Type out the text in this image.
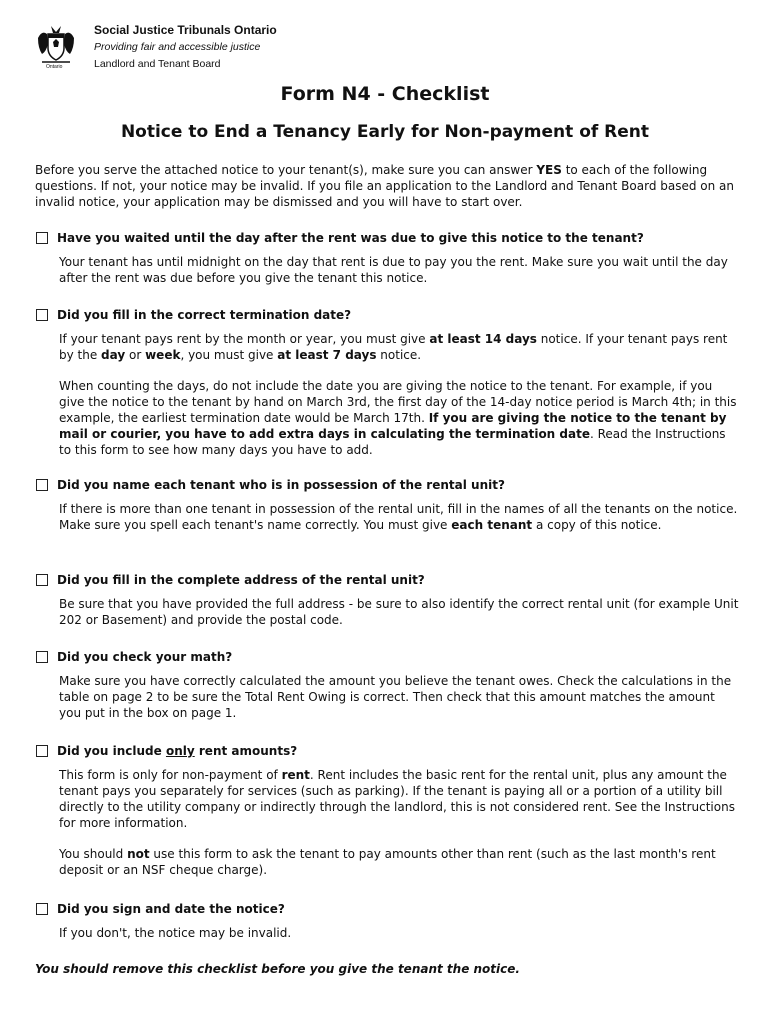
Social Justice Tribunals Ontario
Providing fair and accessible justice
Landlord and Tenant Board
Ontario
Form N4 - Checklist
Notice to End a Tenancy Early for Non-payment of Rent
Before you serve the attached notice to your tenant(s), make sure you can answer YES to each of the following questions. If not, your notice may be invalid. If you file an application to the Landlord and Tenant Board based on an invalid notice, your application may be dismissed and you will have to start over.
Have you waited until the day after the rent was due to give this notice to the tenant?

Your tenant has until midnight on the day that rent is due to pay you the rent. Make sure you wait until the day after the rent was due before you give the tenant this notice.

Did you fill in the correct termination date?

If your tenant pays rent by the month or year, you must give at least 14 days notice. If your tenant pays rent by the day or week, you must give at least 7 days notice.

When counting the days, do not include the date you are giving the notice to the tenant. For example, if you give the notice to the tenant by hand on March 3rd, the first day of the 14-day notice period is March 4th; in this example, the earliest termination date would be March 17th. If you are giving the notice to the tenant by mail or courier, you have to add extra days in calculating the termination date. Read the Instructions to this form to see how many days you have to add.

Did you name each tenant who is in possession of the rental unit?

If there is more than one tenant in possession of the rental unit, fill in the names of all the tenants on the notice. Make sure you spell each tenant's name correctly. You must give each tenant a copy of this notice.

Did you fill in the complete address of the rental unit?

Be sure that you have provided the full address - be sure to also identify the correct rental unit (for example Unit 202 or Basement) and provide the postal code.

Did you check your math?

Make sure you have correctly calculated the amount you believe the tenant owes. Check the calculations in the table on page 2 to be sure the Total Rent Owing is correct. Then check that this amount matches the amount you put in the box on page 1.

Did you include only rent amounts?

This form is only for non-payment of rent. Rent includes the basic rent for the rental unit, plus any amount the tenant pays you separately for services (such as parking). If the tenant is paying all or a portion of a utility bill directly to the utility company or indirectly through the landlord, this is not considered rent. See the Instructions for more information.

You should not use this form to ask the tenant to pay amounts other than rent (such as the last month's rent deposit or an NSF cheque charge).

Did you sign and date the notice?

If you don't, the notice may be invalid.

You should remove this checklist before you give the tenant the notice.
